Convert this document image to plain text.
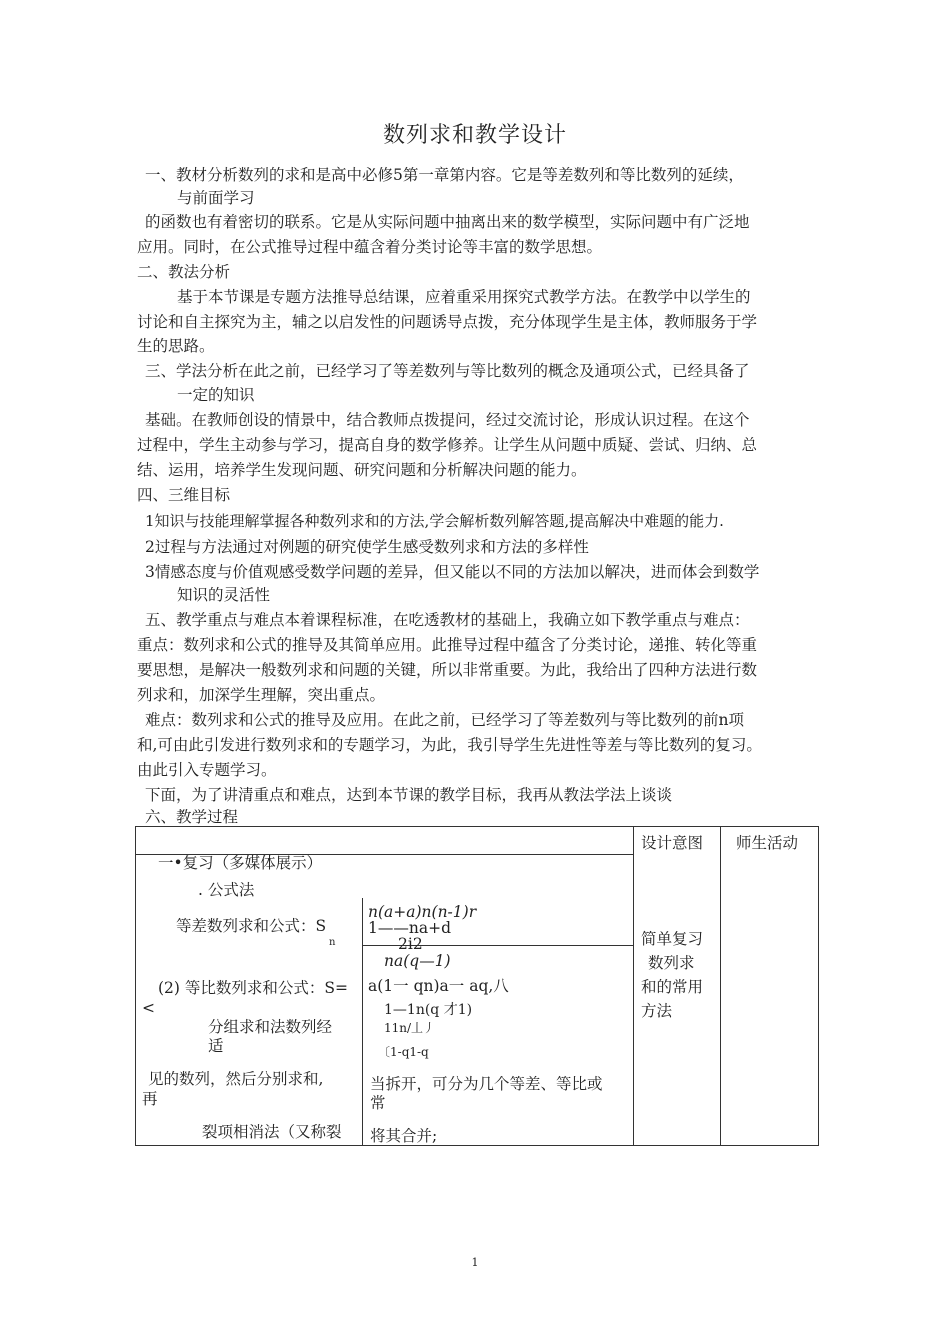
数列求和教学设计
一、教材分析数列的求和是高中必修5第一章第内容。它是等差数列和等比数列的延续，
与前面学习
的函数也有着密切的联系。它是从实际问题中抽离出来的数学模型，实际问题中有广泛地
应用。同时，在公式推导过程中蕴含着分类讨论等丰富的数学思想。
二、教法分析
基于本节课是专题方法推导总结课，应着重采用探究式教学方法。在教学中以学生的
讨论和自主探究为主，辅之以启发性的问题诱导点拨，充分体现学生是主体，教师服务于学
生的思路。
三、学法分析在此之前，已经学习了等差数列与等比数列的概念及通项公式，已经具备了
一定的知识
基础。在教师创设的情景中，结合教师点拨提问，经过交流讨论，形成认识过程。在这个
过程中，学生主动参与学习，提高自身的数学修养。让学生从问题中质疑、尝试、归纳、总
结、运用，培养学生发现问题、研究问题和分析解决问题的能力。
四、三维目标
1知识与技能理解掌握各种数列求和的方法,学会解析数列解答题,提高解决中难题的能力.
2过程与方法通过对例题的研究使学生感受数列求和方法的多样性
3情感态度与价值观感受数学问题的差异，但又能以不同的方法加以解决，进而体会到数学
知识的灵活性
五、教学重点与难点本着课程标准，在吃透教材的基础上，我确立如下教学重点与难点：
重点：数列求和公式的推导及其简单应用。此推导过程中蕴含了分类讨论，递推、转化等重
要思想，是解决一般数列求和问题的关键，所以非常重要。为此，我给出了四种方法进行数
列求和，加深学生理解，突出重点。
难点：数列求和公式的推导及应用。在此之前，已经学习了等差数列与等比数列的前n项
和,可由此引发进行数列求和的专题学习，为此，我引导学生先进性等差与等比数列的复习。
由此引入专题学习。
下面，为了讲清重点和难点，达到本节课的教学目标，我再从教法学法上谈谈
六、教学过程
设计意图 师生活动
一•复习（多媒体展示）
. 公式法
等差数列求和公式：S
n
n(a+a)n(n-1)r
1——na+d
2i2
na(q—1)
(2) 等比数列求和公式：S= a(1一 qn)a一 aq,八
<	1—1n(q 才1)
11n/丄丿
〔1-q1-q
分组求和法数列经
适
见的数列，然后分别求和,
再
当拆开，可分为几个等差、等比或
常
裂项相消法（又称裂 将其合并;
简单复习
数列求
和的常用
方法
1
